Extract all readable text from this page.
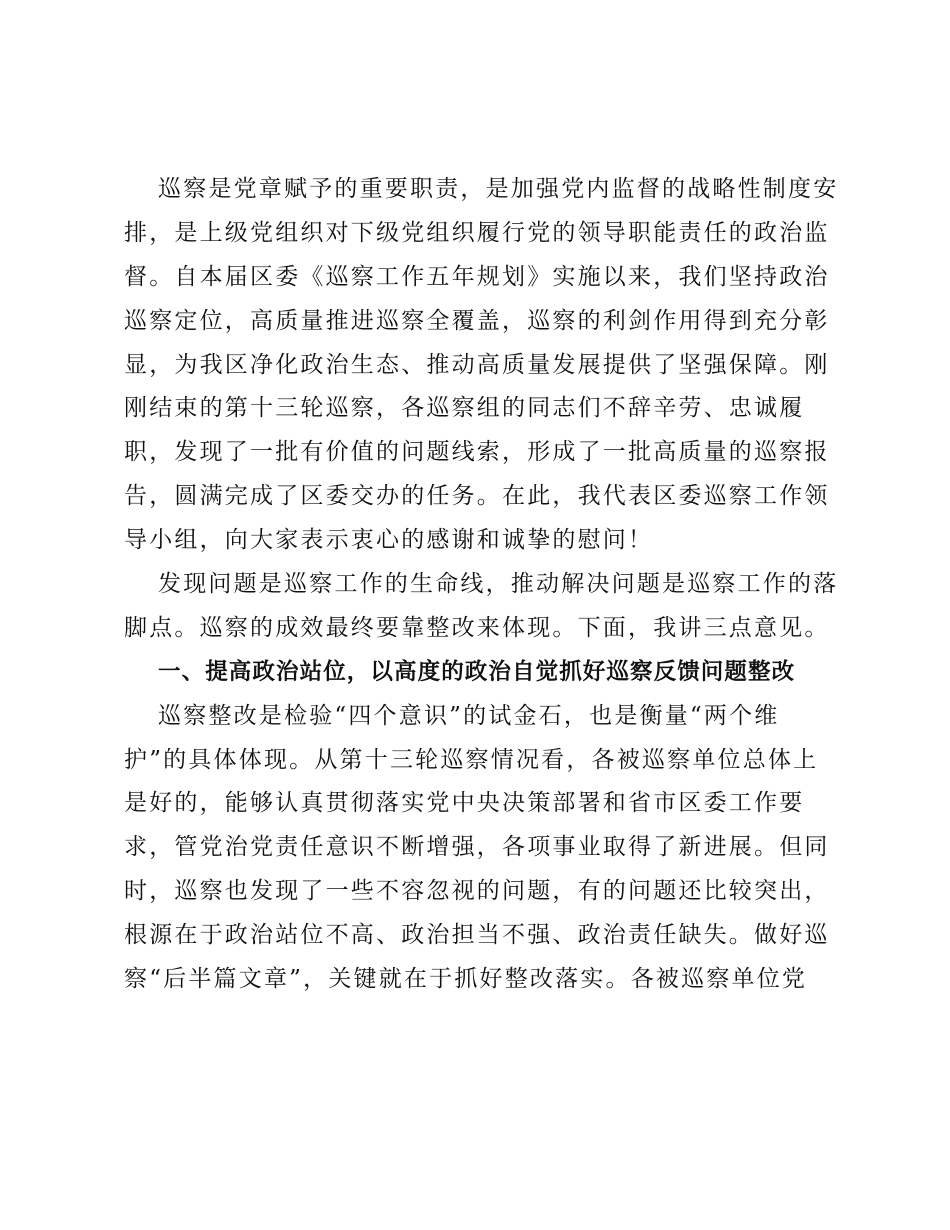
巡察是党章赋予的重要职责，是加强党内监督的战略性制度安
排，是上级党组织对下级党组织履行党的领导职能责任的政治监
督。自本届区委《巡察工作五年规划》实施以来，我们坚持政治
巡察定位，高质量推进巡察全覆盖，巡察的利剑作用得到充分彰
显，为我区净化政治生态、推动高质量发展提供了坚强保障。刚
刚结束的第十三轮巡察，各巡察组的同志们不辞辛劳、忠诚履
职，发现了一批有价值的问题线索，形成了一批高质量的巡察报
告，圆满完成了区委交办的任务。在此，我代表区委巡察工作领
导小组，向大家表示衷心的感谢和诚挚的慰问！
发现问题是巡察工作的生命线，推动解决问题是巡察工作的落
脚点。巡察的成效最终要靠整改来体现。下面，我讲三点意见。
一、提高政治站位，以高度的政治自觉抓好巡察反馈问题整改
巡察整改是检验“四个意识”的试金石，也是衡量“两个维
护”的具体体现。从第十三轮巡察情况看，各被巡察单位总体上
是好的，能够认真贯彻落实党中央决策部署和省市区委工作要
求，管党治党责任意识不断增强，各项事业取得了新进展。但同
时，巡察也发现了一些不容忽视的问题，有的问题还比较突出，
根源在于政治站位不高、政治担当不强、政治责任缺失。做好巡
察“后半篇文章”，关键就在于抓好整改落实。各被巡察单位党
